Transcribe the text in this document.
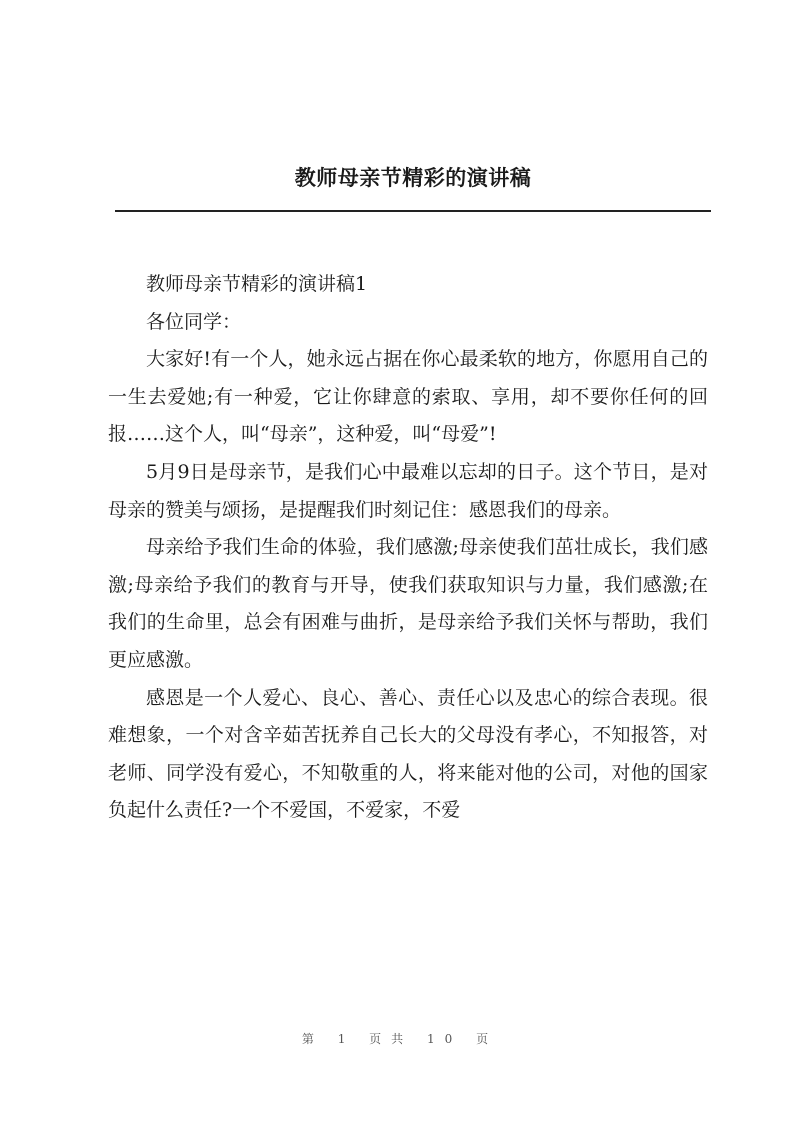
教师母亲节精彩的演讲稿

教师母亲节精彩的演讲稿1

各位同学：

大家好!有一个人，她永远占据在你心最柔软的地方，你愿用自己的一生去爱她;有一种爱，它让你肆意的索取、享用，却不要你任何的回报……这个人，叫“母亲”，这种爱，叫“母爱”!

5月9日是母亲节，是我们心中最难以忘却的日子。这个节日，是对母亲的赞美与颂扬，是提醒我们时刻记住：感恩我们的母亲。

母亲给予我们生命的体验，我们感激;母亲使我们茁壮成长，我们感激;母亲给予我们的教育与开导，使我们获取知识与力量，我们感激;在我们的生命里，总会有困难与曲折，是母亲给予我们关怀与帮助，我们更应感激。

感恩是一个人爱心、良心、善心、责任心以及忠心的综合表现。很难想象，一个对含辛茹苦抚养自己长大的父母没有孝心，不知报答，对老师、同学没有爱心，不知敬重的人，将来能对他的公司，对他的国家负起什么责任?一个不爱国，不爱家，不爱

第 1 页共 10 页
